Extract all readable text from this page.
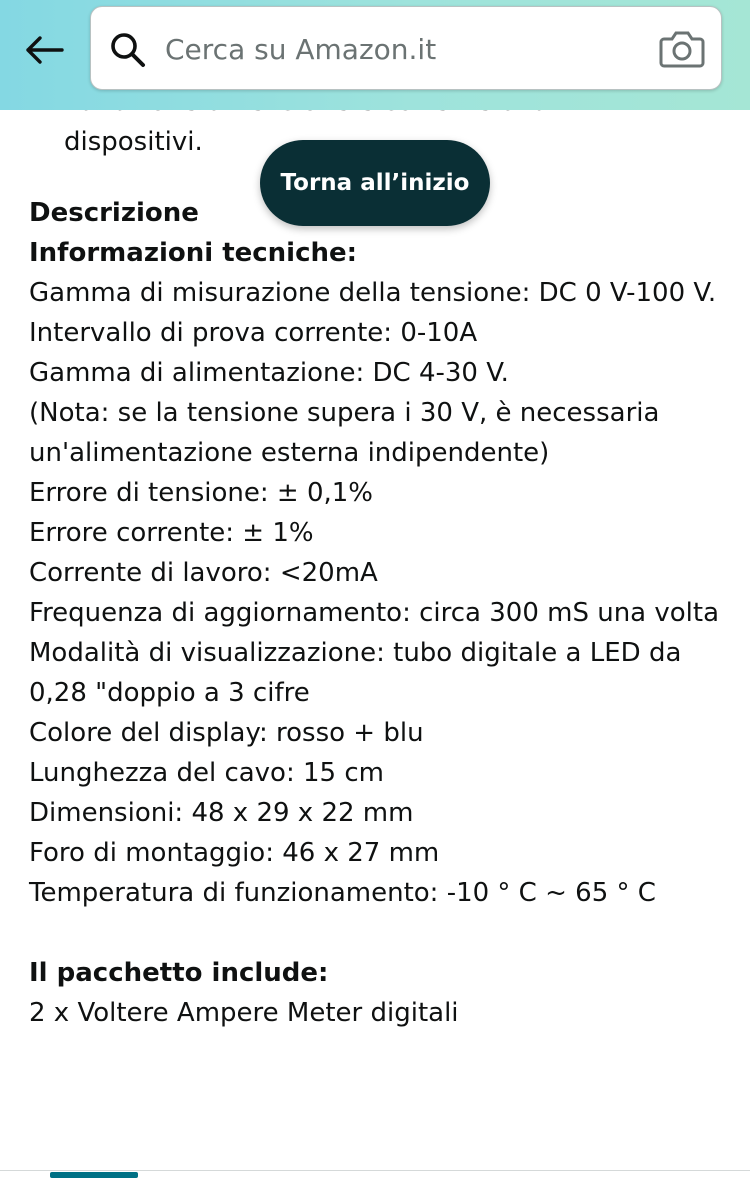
dispositivi.
Descrizione
Informazioni tecniche:
Gamma di misurazione della tensione: DC 0 V-100 V.
Intervallo di prova corrente: 0-10A
Gamma di alimentazione: DC 4-30 V.
(Nota: se la tensione supera i 30 V, è necessaria un'alimentazione esterna indipendente)
Errore di tensione: ± 0,1%
Errore corrente: ± 1%
Corrente di lavoro: <20mA
Frequenza di aggiornamento: circa 300 mS una volta
Modalità di visualizzazione: tubo digitale a LED da 0,28 "doppio a 3 cifre
Colore del display: rosso + blu
Lunghezza del cavo: 15 cm
Dimensioni: 48 x 29 x 22 mm
Foro di montaggio: 46 x 27 mm
Temperatura di funzionamento: -10 ° C ~ 65 ° C
Il pacchetto include:
2 x Voltere Ampere Meter digitali
Cerca su Amazon.it
Torna all’inizio
